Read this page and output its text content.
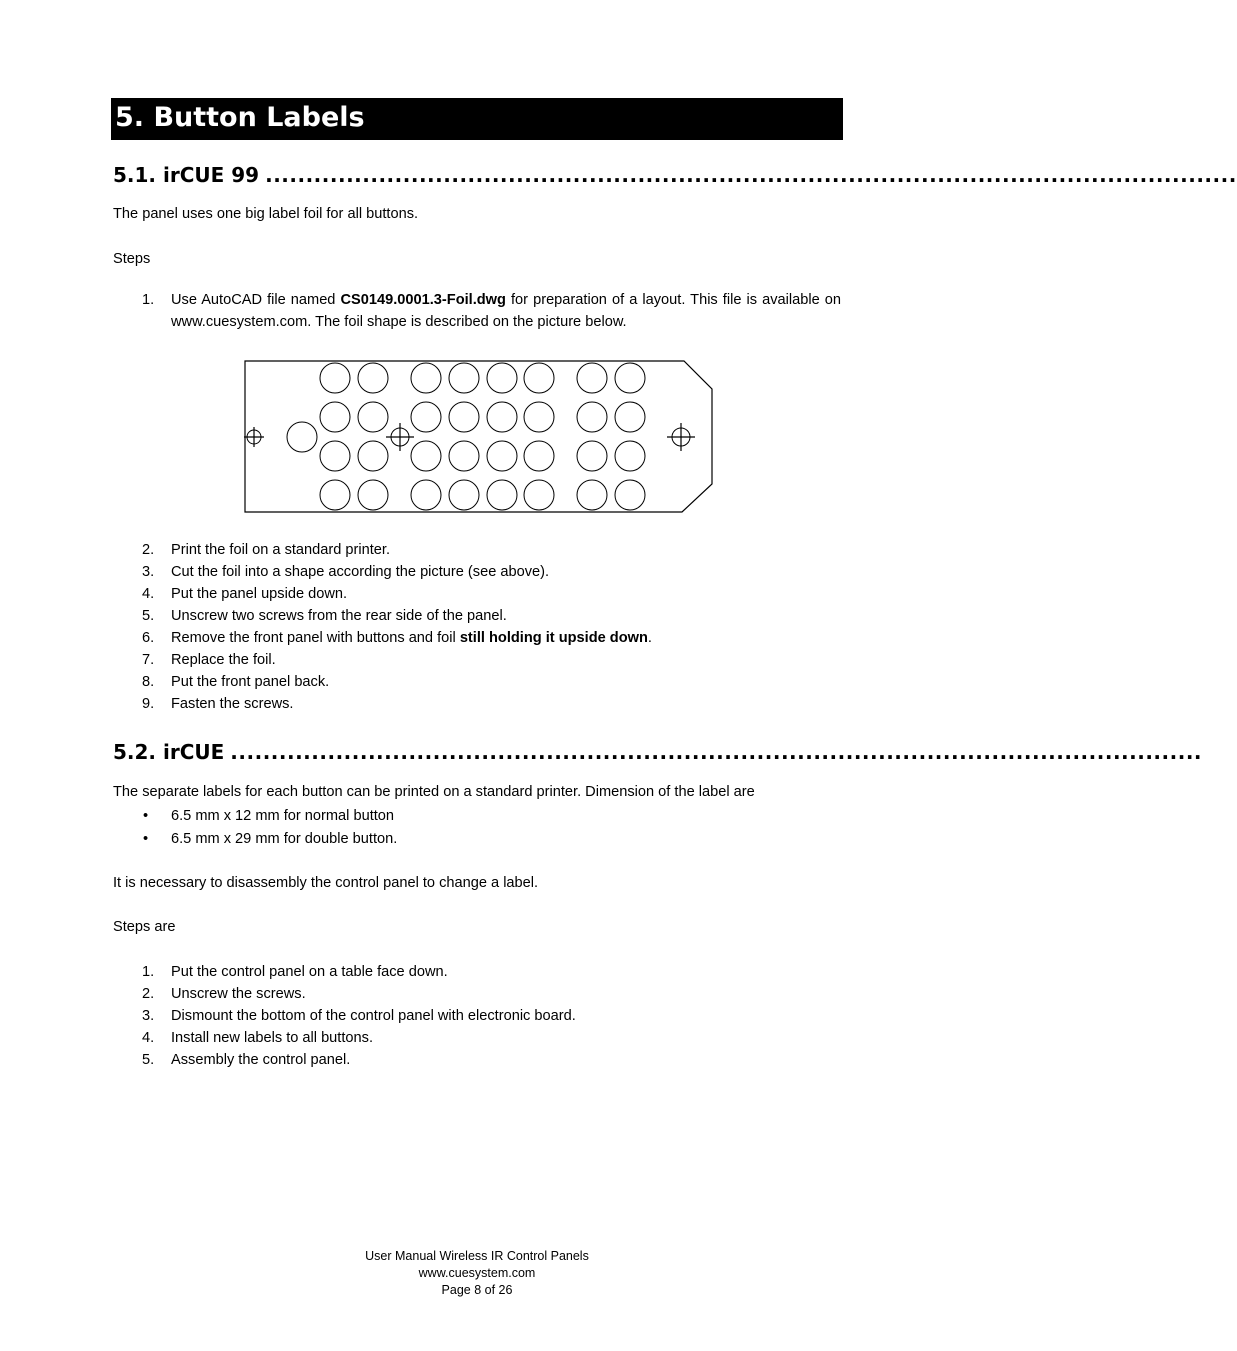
5. Button Labels
5.1. irCUE 99 ........................................................................................................................

The panel uses one big label foil for all buttons.

Steps

1.	Use AutoCAD file named CS0149.0001.3-Foil.dwg for preparation of a layout. This file is available on www.cuesystem.com. The foil shape is described on the picture below.
2.	Print the foil on a standard printer.
3.	Cut the foil into a shape according the picture (see above).
4.	Put the panel upside down.
5.	Unscrew two screws from the rear side of the panel.
6.	Remove the front panel with buttons and foil still holding it upside down.
7.	Replace the foil.
8.	Put the front panel back.
9.	Fasten the screws.
5.2. irCUE ........................................................................................................................

The separate labels for each button can be printed on a standard printer. Dimension of the label are

•	6.5 mm x 12 mm for normal button
•	6.5 mm x 29 mm for double button.

It is necessary to disassembly the control panel to change a label.

Steps are

1.	Put the control panel on a table face down.
2.	Unscrew the screws.
3.	Dismount the bottom of the control panel with electronic board.
4.	Install new labels to all buttons.
5.	Assembly the control panel.
User Manual Wireless IR Control Panels
www.cuesystem.com
Page 8 of 26
